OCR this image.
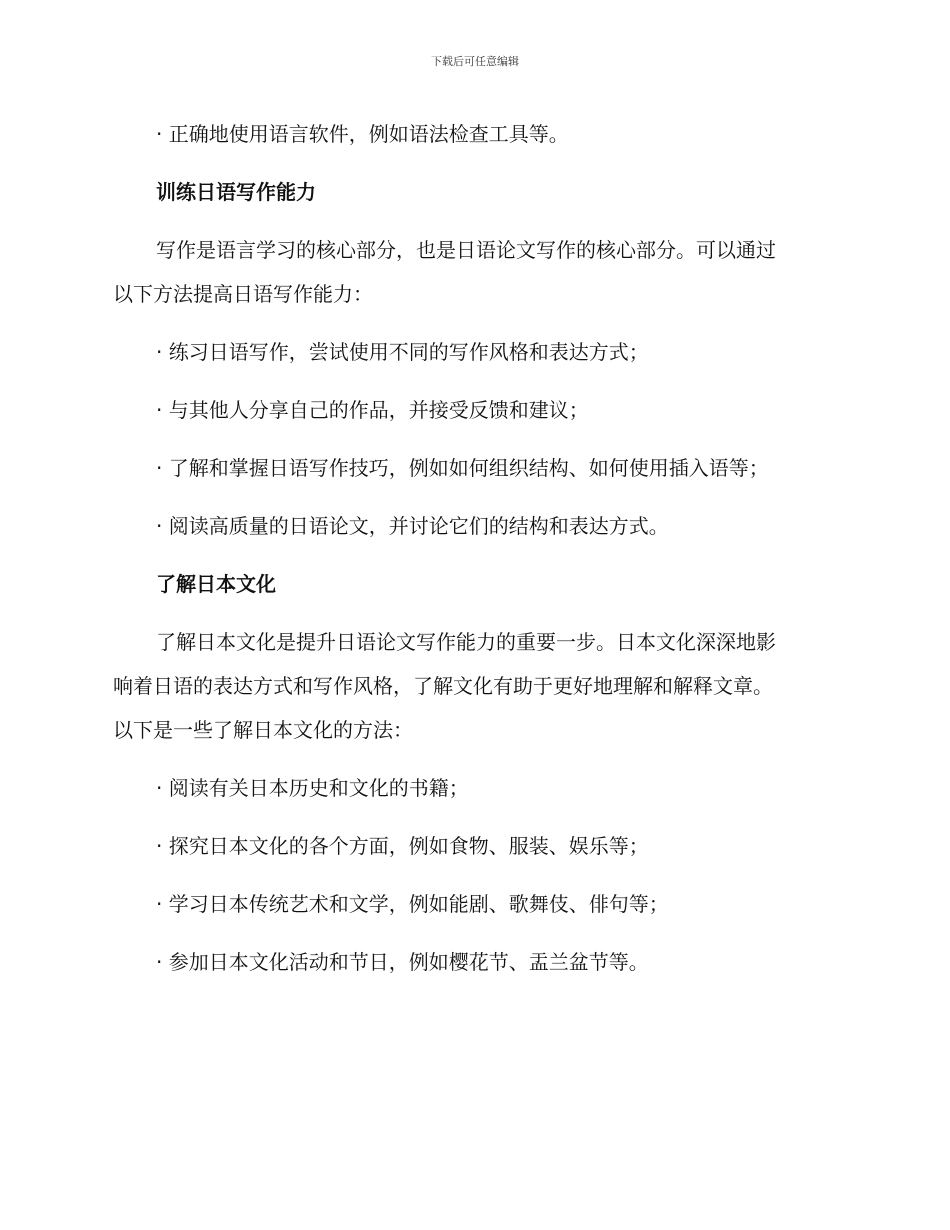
下载后可任意编辑

· 正确地使用语言软件，例如语法检查工具等。

训练日语写作能力

写作是语言学习的核心部分，也是日语论文写作的核心部分。可以通过
以下方法提高日语写作能力：

· 练习日语写作，尝试使用不同的写作风格和表达方式；

· 与其他人分享自己的作品，并接受反馈和建议；

· 了解和掌握日语写作技巧，例如如何组织结构、如何使用插入语等；

· 阅读高质量的日语论文，并讨论它们的结构和表达方式。

了解日本文化

了解日本文化是提升日语论文写作能力的重要一步。日本文化深深地影
响着日语的表达方式和写作风格，了解文化有助于更好地理解和解释文章。
以下是一些了解日本文化的方法：

· 阅读有关日本历史和文化的书籍；

· 探究日本文化的各个方面，例如食物、服装、娱乐等；

· 学习日本传统艺术和文学，例如能剧、歌舞伎、俳句等；

· 参加日本文化活动和节日，例如樱花节、盂兰盆节等。
